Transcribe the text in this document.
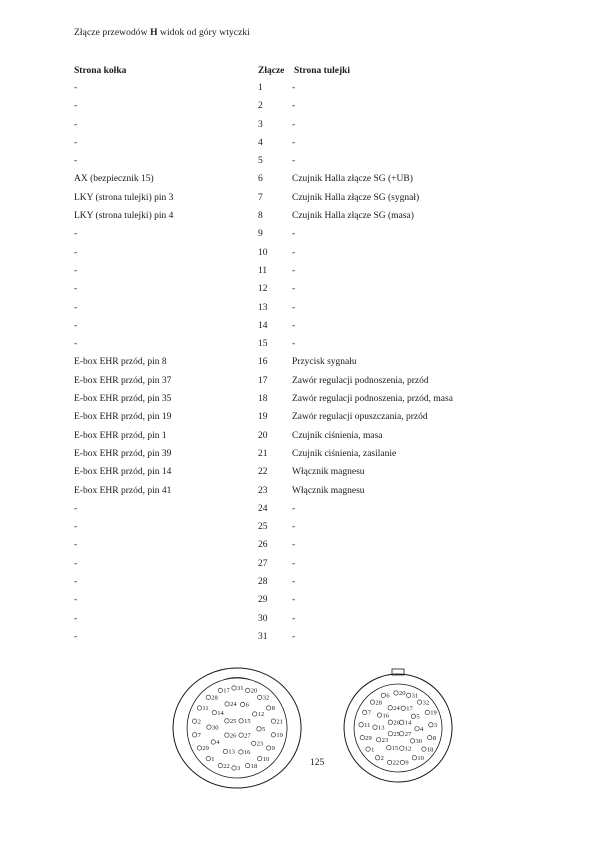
Złącze przewodów H widok od góry wtyczki
Strona kołka	Złącze Strona tulejki
-	1	-
-	2	-
-	3	-
-	4	-
-	5	-
AX (bezpiecznik 15)	6	Czujnik Halla złącze SG (+UB)
LKY (strona tulejki) pin 3	7	Czujnik Halla złącze SG (sygnał)
LKY (strona tulejki) pin 4	8	Czujnik Halla złącze SG (masa)
-	9	-
-	10	-
-	11	-
-	12	-
-	13	-
-	14	-
-	15	-
E-box EHR przód, pin 8	16	Przycisk sygnału
E-box EHR przód, pin 37	17	Zawór regulacji podnoszenia, przód
E-box EHR przód, pin 35	18	Zawór regulacji podnoszenia, przód, masa
E-box EHR przód, pin 19	19	Zawór regulacji opuszczania, przód
E-box EHR przód, pin 1	20	Czujnik ciśnienia, masa
E-box EHR przód, pin 39	21	Czujnik ciśnienia, zasilanie
E-box EHR przód, pin 14	22	Włącznik magnesu
E-box EHR przód, pin 41	23	Włącznik magnesu
-	24	-
-	25	-
-	26	-
-	27	-
-	28	-
-	29	-
-	30	-
-	31	-
31 20
32
8
21
19
9
10
18
3
22
1
29
7
2
11
28
17
6
12
5
23
16
13
4
30
14
24
15
27
26
25
20 31
32
19
3
8
18
10
9
22
2
1
29
11
7
28
6
17
5
4
30
12
15
23
13
16
24
14
27
25
26
125
